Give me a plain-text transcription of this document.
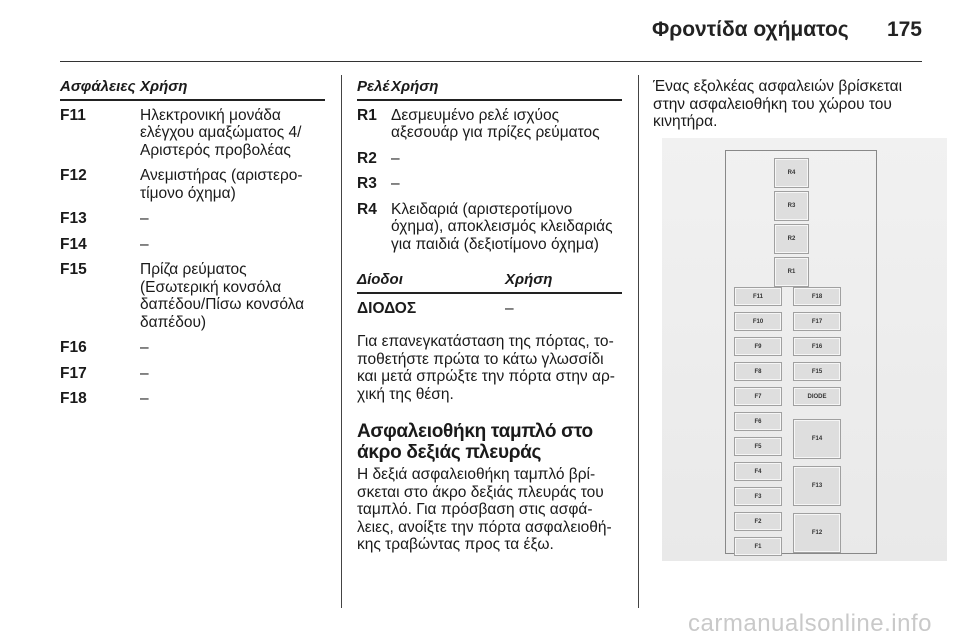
Φροντίδα οχήματος 175
Ασφάλειες Χρήση
F11	Ηλεκτρονική μονάδα ελέγχου αμαξώματος 4/ Αριστερός προβολέας
F12	Ανεμιστήρας (αριστεροτίμονο όχημα)
F13	–
F14	–
F15	Πρίζα ρεύματος (Εσωτερική κονσόλα δαπέδου/Πίσω κονσόλα δαπέδου)
F16	–
F17	–
F18	–
Ρελέ Χρήση
R1 Δεσμευμένο ρελέ ισχύος αξεσουάρ για πρίζες ρεύματος
R2 –
R3 –
R4 Κλειδαριά (αριστεροτίμονο όχημα), αποκλεισμός κλειδαριάς για παιδιά (δεξιοτίμονο όχημα)
Δίοδοι	Χρήση
ΔΙΟΔΟΣ	–

Για επανεγκατάσταση της πόρτας, τοποθετήστε πρώτα το κάτω γλωσσίδι και μετά σπρώξτε την πόρτα στην αρχική της θέση.

Ασφαλειοθήκη ταμπλό στο άκρο δεξιάς πλευράς

Η δεξιά ασφαλειοθήκη ταμπλό βρίσκεται στο άκρο δεξιάς πλευράς του ταμπλό. Για πρόσβαση στις ασφάλειες, ανοίξτε την πόρτα ασφαλειοθήκης τραβώντας προς τα έξω.

Ένας εξολκέας ασφαλειών βρίσκεται στην ασφαλειοθήκη του χώρου του κινητήρα.

R4
R3
R2
R1
F11
F10
F9
F8
F7
F6
F5
F4
F3
F2
F1
F18
F17
F16
F15
DIODE
F14
F13
F12
carmanualsonline.info
